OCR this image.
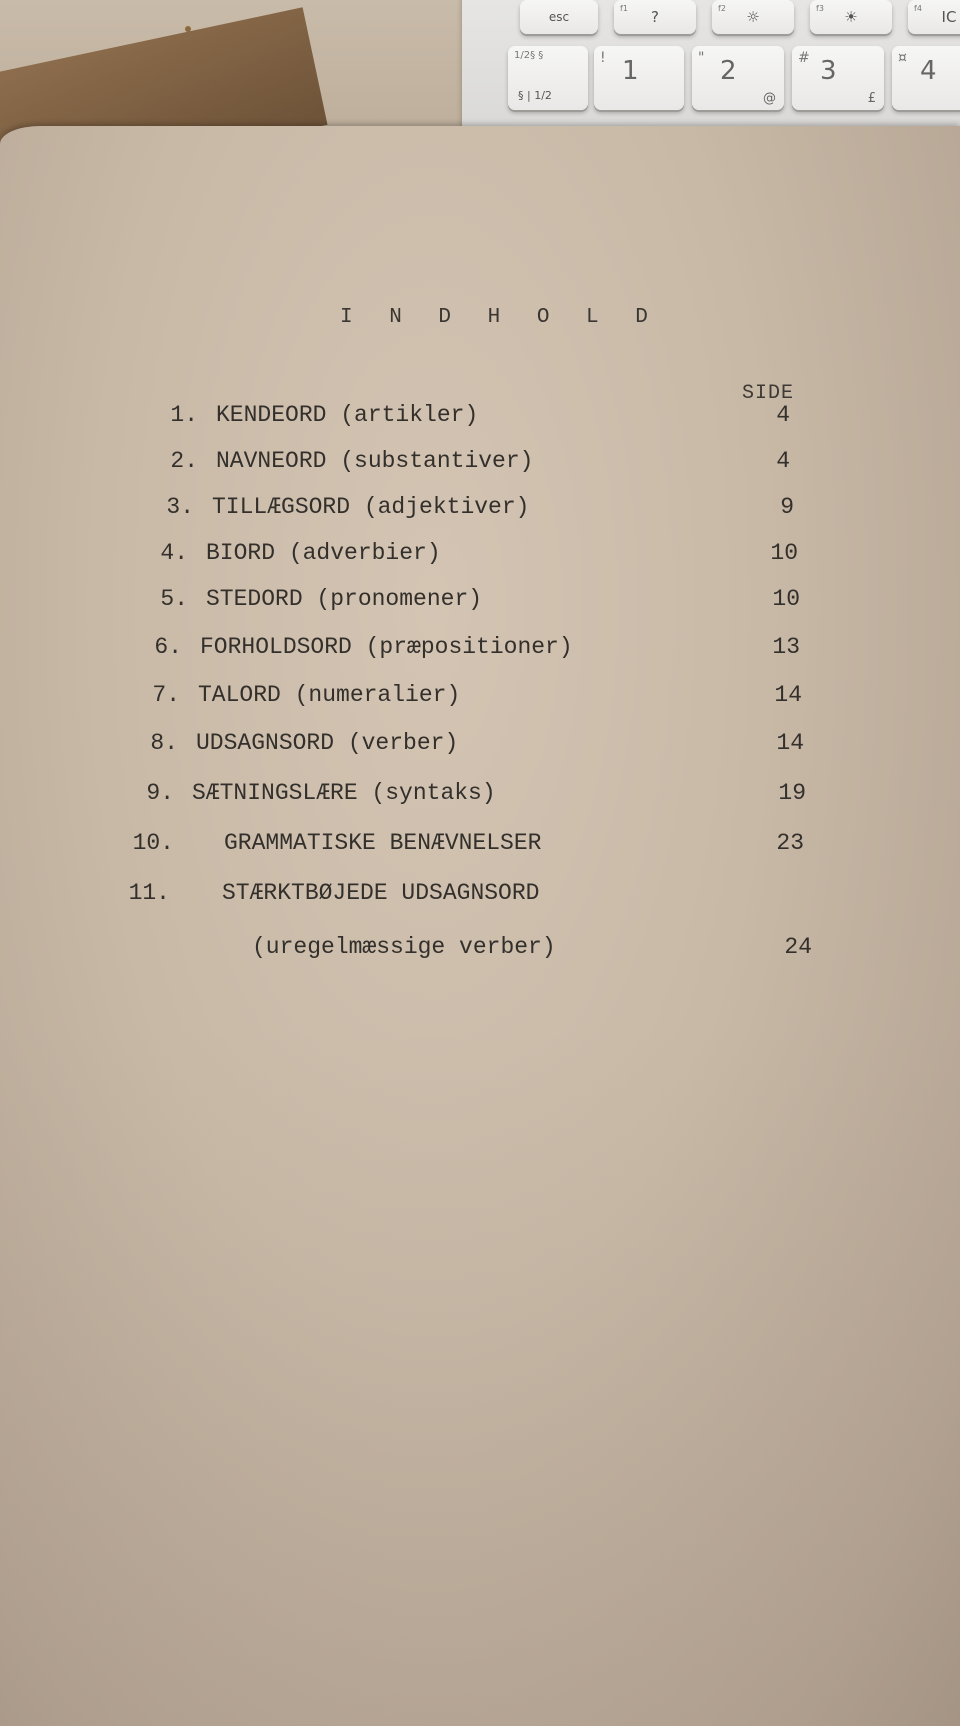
esc
f1	?	f2	☼	f3	☀	f4	IC
1/2§ §
§ | 1/2
! 1	" 2
@
# 3
£
¤ 4
I N D H O L D
SIDE
1. KENDEORD (artikler)	4
2. NAVNEORD (substantiver)	4
3. TILLÆGSORD (adjektiver)	9
4. BIORD (adverbier)	10
5. STEDORD (pronomener)	10
6. FORHOLDSORD (præpositioner)	13
7. TALORD (numeralier)	14
8. UDSAGNSORD (verber)	14
9. SÆTNINGSLÆRE (syntaks)	19
10. GRAMMATISKE BENÆVNELSER	23
11. STÆRKTBØJEDE UDSAGNSORD
(uregelmæssige verber)	24
